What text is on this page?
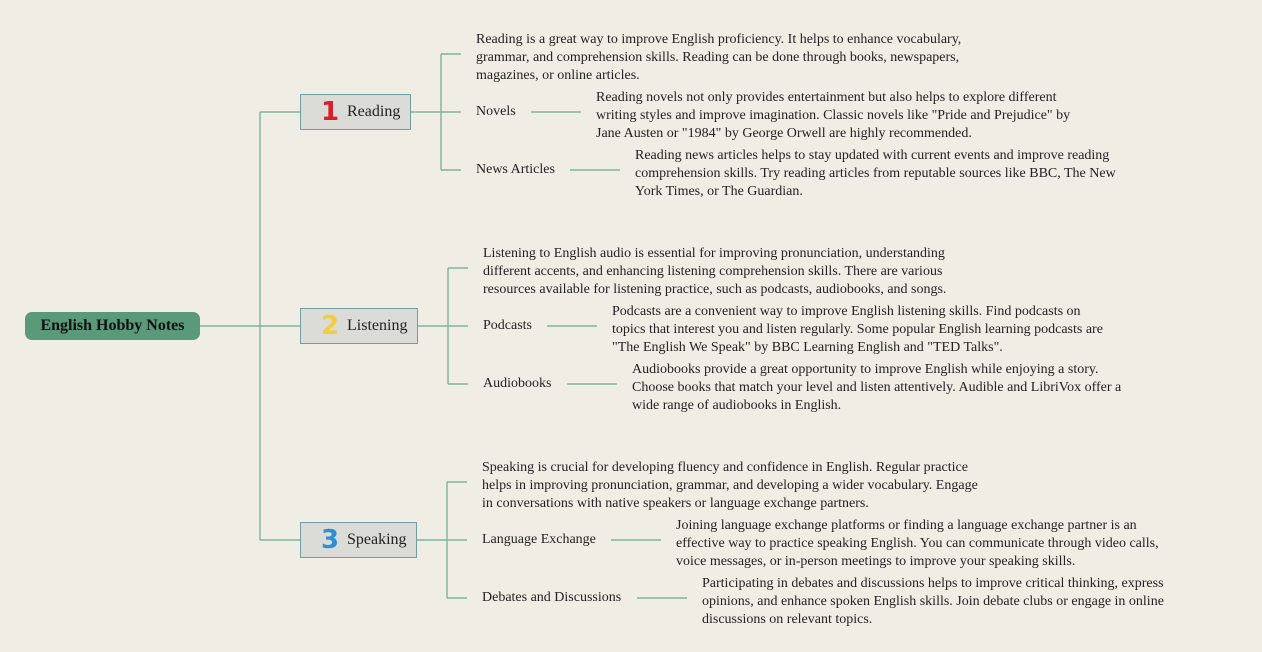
English Hobby Notes
1 Reading
Reading is a great way to improve English proficiency. It helps to enhance vocabulary, grammar, and comprehension skills. Reading can be done through books, newspapers, magazines, or online articles.
Novels
Reading novels not only provides entertainment but also helps to explore different writing styles and improve imagination. Classic novels like "Pride and Prejudice" by Jane Austen or "1984" by George Orwell are highly recommended.
News Articles
Reading news articles helps to stay updated with current events and improve reading comprehension skills. Try reading articles from reputable sources like BBC, The New York Times, or The Guardian.
2 Listening
Listening to English audio is essential for improving pronunciation, understanding different accents, and enhancing listening comprehension skills. There are various resources available for listening practice, such as podcasts, audiobooks, and songs.
Podcasts
Podcasts are a convenient way to improve English listening skills. Find podcasts on topics that interest you and listen regularly. Some popular English learning podcasts are "The English We Speak" by BBC Learning English and "TED Talks".
Audiobooks
Audiobooks provide a great opportunity to improve English while enjoying a story. Choose books that match your level and listen attentively. Audible and LibriVox offer a wide range of audiobooks in English.
3 Speaking
Speaking is crucial for developing fluency and confidence in English. Regular practice helps in improving pronunciation, grammar, and developing a wider vocabulary. Engage in conversations with native speakers or language exchange partners.
Language Exchange
Joining language exchange platforms or finding a language exchange partner is an effective way to practice speaking English. You can communicate through video calls, voice messages, or in-person meetings to improve your speaking skills.
Debates and Discussions
Participating in debates and discussions helps to improve critical thinking, express opinions, and enhance spoken English skills. Join debate clubs or engage in online discussions on relevant topics.
